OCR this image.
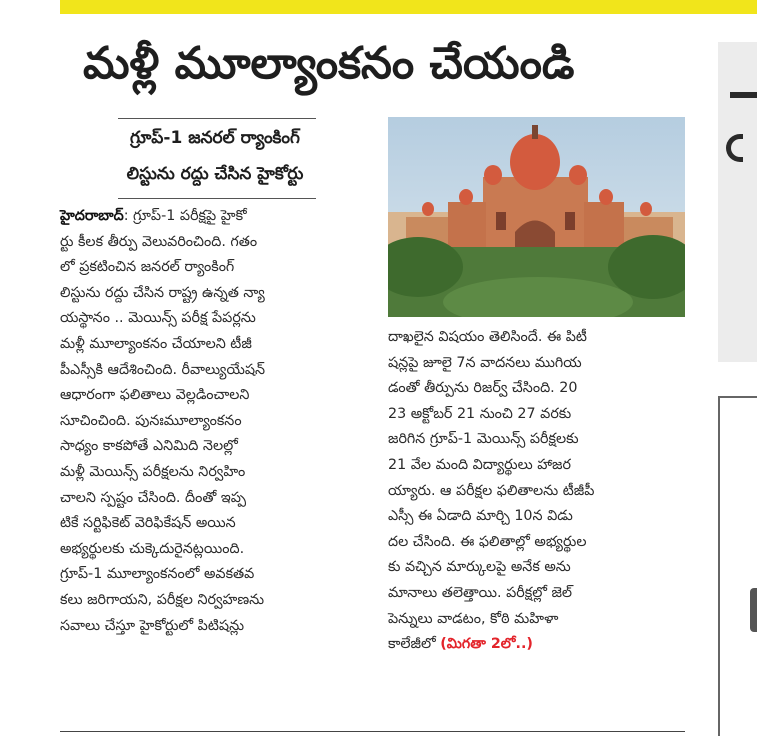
మళ్లీ మూల్యాంకనం చేయండి
గ్రూప్-1 జనరల్ ర్యాంకింగ్
లిస్టును రద్దు చేసిన హైకోర్టు
హైదరాబాద్: గ్రూప్-1 పరీక్షపై హైకో
ర్టు కీలక తీర్పు వెలువరించింది. గతం
లో ప్రకటించిన జనరల్ ర్యాంకింగ్
లిస్టును రద్దు చేసిన రాష్ట్ర ఉన్నత న్యా
యస్థానం .. మెయిన్స్ పరీక్ష పేపర్లను
మళ్లీ మూల్యాంకనం చేయాలని టీజీ
పీఎస్సీకి ఆదేశించింది. రీవాల్యుయేషన్
ఆధారంగా ఫలితాలు వెల్లడించాలని
సూచించింది. పునఃమూల్యాంకనం
సాధ్యం కాకపోతే ఎనిమిది నెలల్లో
మళ్లీ మెయిన్స్ పరీక్షలను నిర్వహిం
చాలని స్పష్టం చేసింది. దీంతో ఇప్ప
టికే సర్టిఫికెట్ వెరిఫికేషన్ అయిన
అభ్యర్థులకు చుక్కెదురైనట్లయింది.
గ్రూప్-1 మూల్యాంకనంలో అవకతవ
కలు జరిగాయని, పరీక్షల నిర్వహణను
సవాలు చేస్తూ హైకోర్టులో పిటిషన్లు
దాఖలైన విషయం తెలిసిందే. ఈ పిటీ
షన్లపై జూలై 7న వాదనలు ముగియ
డంతో తీర్పును రిజర్వ్ చేసింది. 20
23 అక్టోబర్ 21 నుంచి 27 వరకు
జరిగిన గ్రూప్-1 మెయిన్స్ పరీక్షలకు
21 వేల మంది విద్యార్థులు హాజర
య్యారు. ఆ పరీక్షల ఫలితాలను టీజీపీ
ఎస్సీ ఈ ఏడాది మార్చి 10న విడు
దల చేసింది. ఈ ఫలితాల్లో అభ్యర్థుల
కు వచ్చిన మార్కులపై అనేక అను
మానాలు తలెత్తాయి. పరీక్షల్లో జెల్
పెన్నులు వాడటం, కోఠి మహిళా
కాలేజీలో (మిగతా 2లో..)
